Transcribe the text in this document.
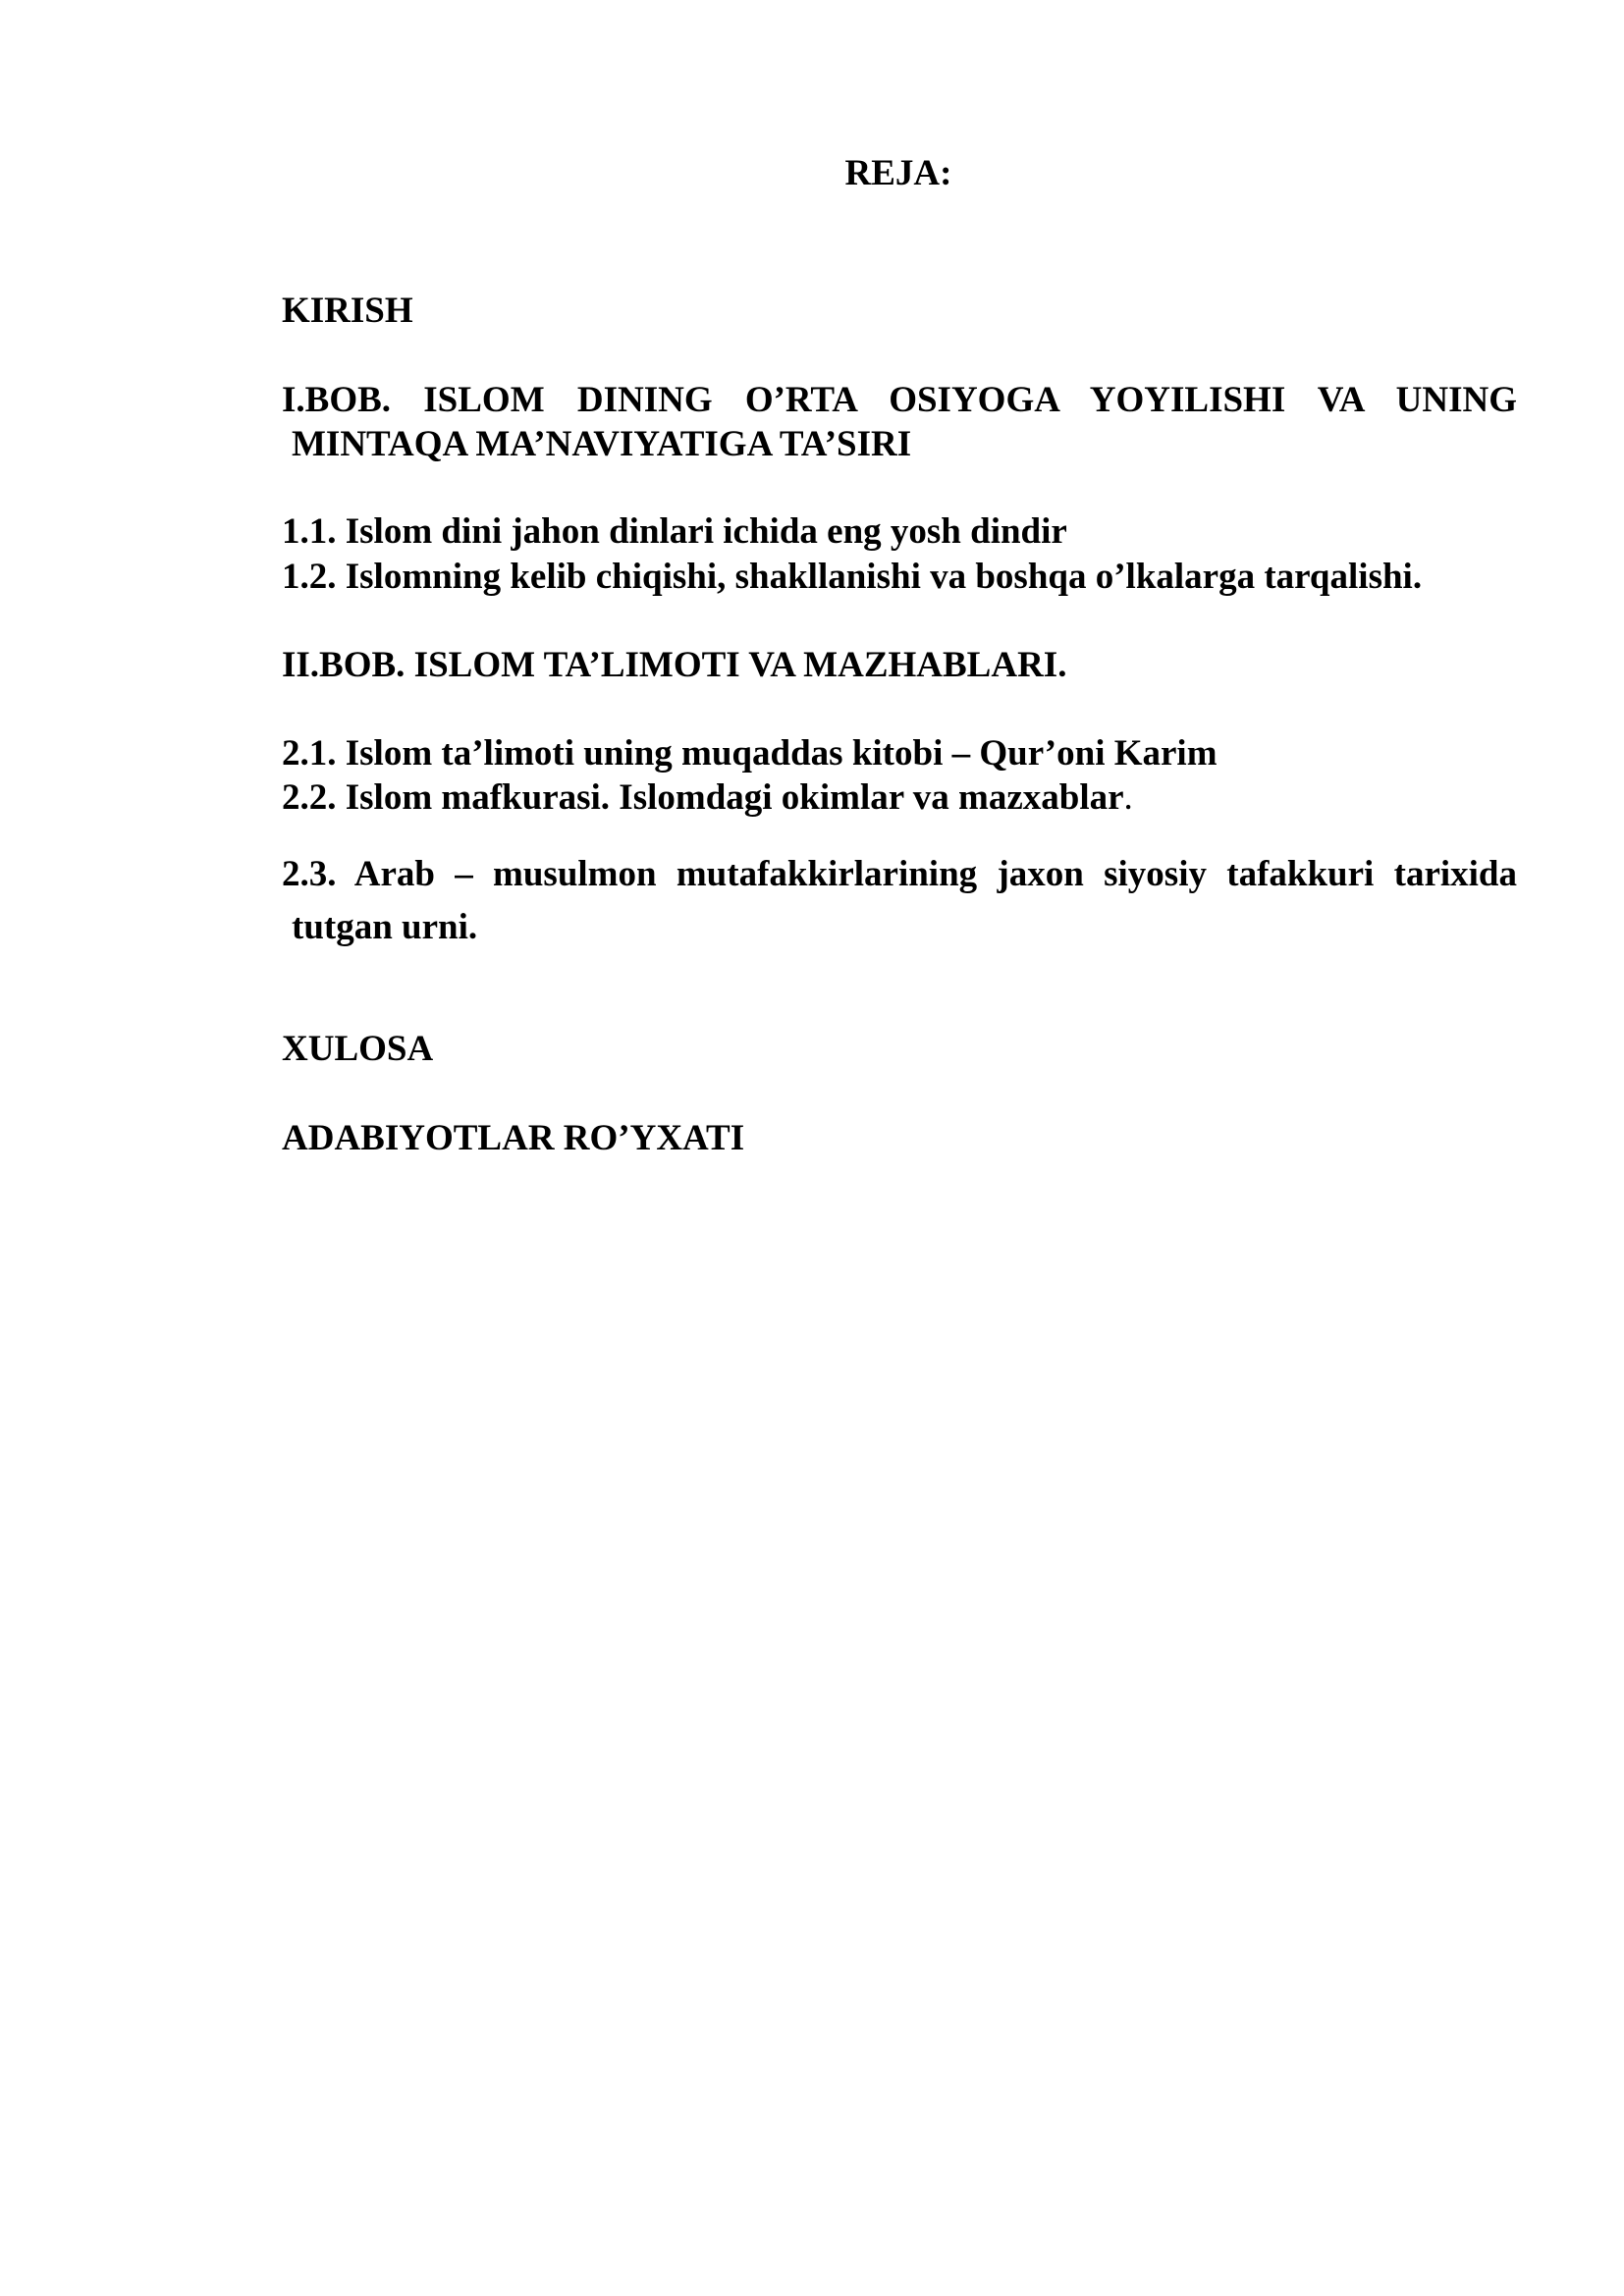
REJA:
KIRISH
I.BOB. ISLOM DINING O’RTA OSIYOGA YOYILISHI VA UNING
MINTAQA MA’NAVIYATIGA TA’SIRI
1.1. Islom dini jahon dinlari ichida eng yosh dindir
1.2. Islomning kelib chiqishi, shakllanishi va boshqa o’lkalarga tarqalishi.
II.BOB. ISLOM TA’LIMOTI VA MAZHABLARI.
2.1. Islom ta’limoti uning muqaddas kitobi – Qur’oni Karim
2.2. Islom mafkurasi. Islomdagi okimlar va mazxablar.
2.3. Arab – musulmon mutafakkirlarining jaxon siyosiy tafakkuri tarixida
tutgan urni.
XULOSA
ADABIYOTLAR RO’YXATI
